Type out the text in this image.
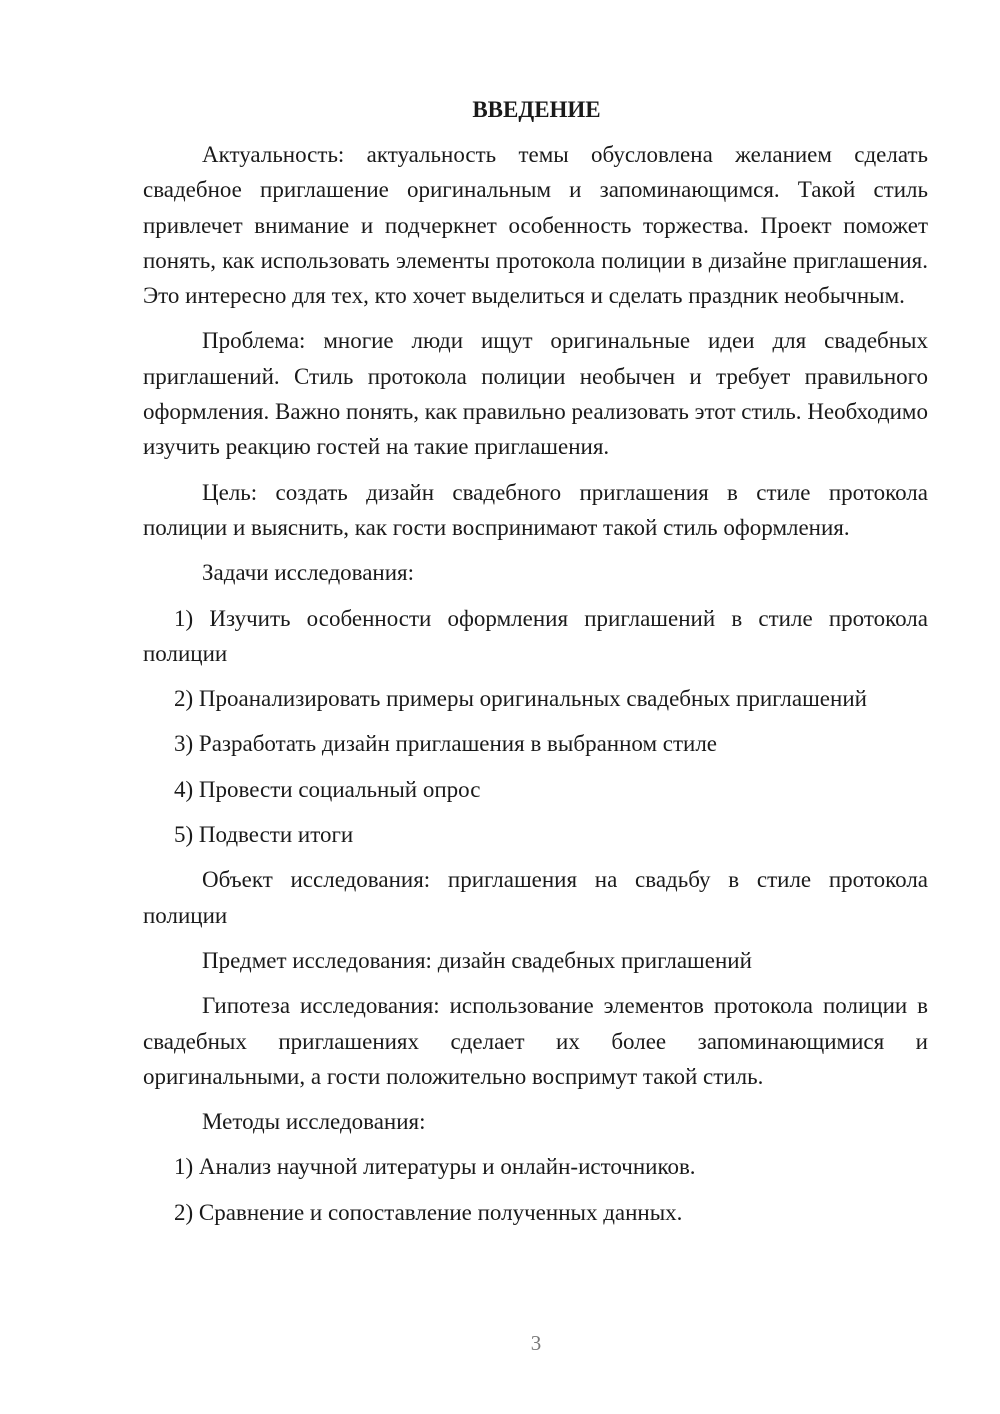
ВВЕДЕНИЕ

Актуальность: актуальность темы обусловлена желанием сделать свадебное приглашение оригинальным и запоминающимся. Такой стиль привлечет внимание и подчеркнет особенность торжества. Проект поможет понять, как использовать элементы протокола полиции в дизайне приглашения. Это интересно для тех, кто хочет выделиться и сделать праздник необычным.

Проблема: многие люди ищут оригинальные идеи для свадебных приглашений. Стиль протокола полиции необычен и требует правильного оформления. Важно понять, как правильно реализовать этот стиль. Необходимо изучить реакцию гостей на такие приглашения.

Цель: создать дизайн свадебного приглашения в стиле протокола полиции и выяснить, как гости воспринимают такой стиль оформления.

Задачи исследования:

1) Изучить особенности оформления приглашений в стиле протокола полиции

2) Проанализировать примеры оригинальных свадебных приглашений

3) Разработать дизайн приглашения в выбранном стиле

4) Провести социальный опрос

5) Подвести итоги

Объект исследования: приглашения на свадьбу в стиле протокола полиции

Предмет исследования: дизайн свадебных приглашений

Гипотеза исследования: использование элементов протокола полиции в свадебных приглашениях сделает их более запоминающимися и оригинальными, а гости положительно воспримут такой стиль.

Методы исследования:

1) Анализ научной литературы и онлайн-источников.

2) Сравнение и сопоставление полученных данных.

3
